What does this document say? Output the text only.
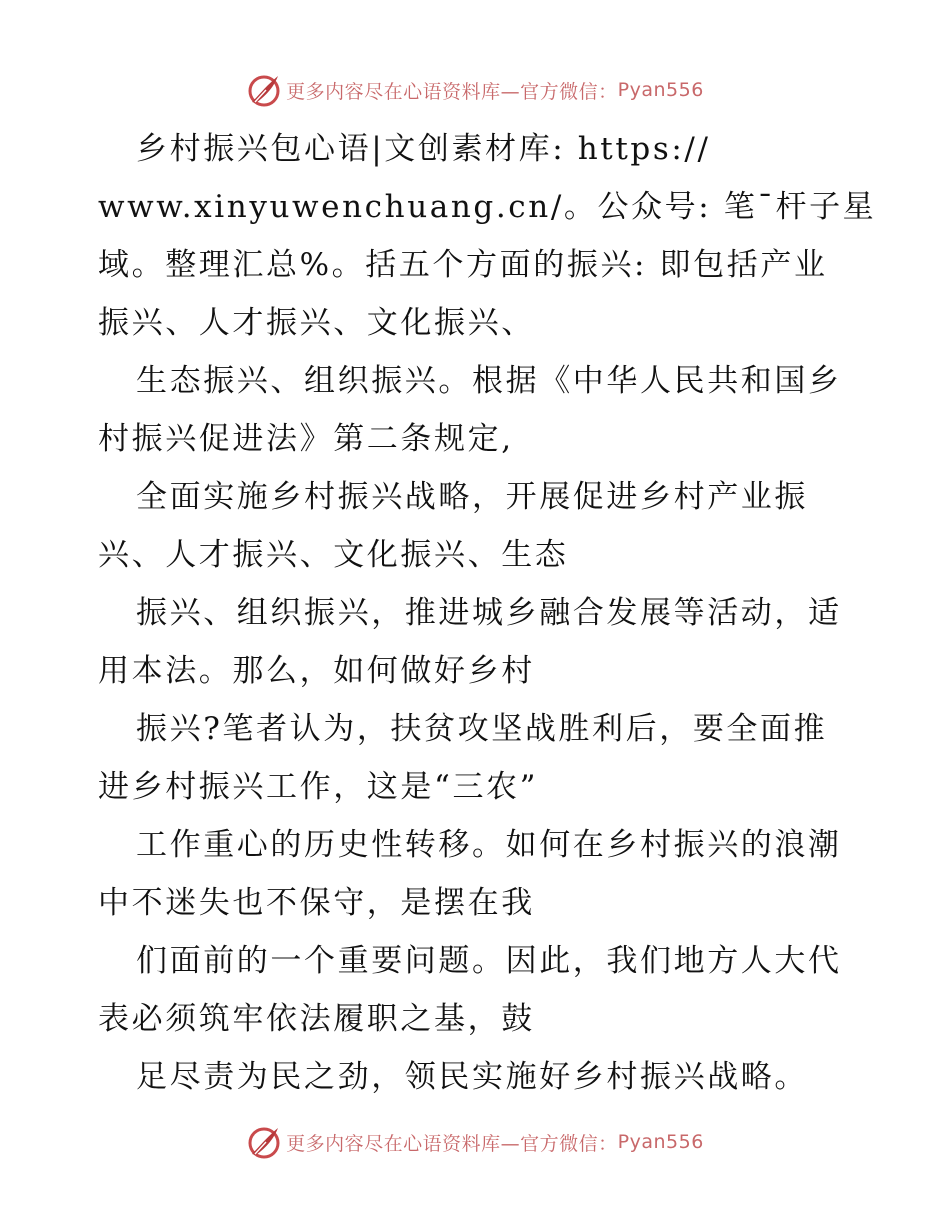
更多内容尽在心语资料库—官方微信： Pyan556
乡村振兴包心语|文创素材库: https://
www.xinyuwenchuang.cn/。公众号: 笔¯杆子星
域。整理汇总%。括五个方面的振兴: 即包括产业
振兴、人才振兴、文化振兴、
生态振兴、组织振兴。根据《中华人民共和国乡
村振兴促进法》第二条规定,
全面实施乡村振兴战略，开展促进乡村产业振
兴、人才振兴、文化振兴、生态
振兴、组织振兴，推进城乡融合发展等活动，适
用本法。那么，如何做好乡村
振兴?笔者认为，扶贫攻坚战胜利后，要全面推
进乡村振兴工作，这是“三农”
工作重心的历史性转移。如何在乡村振兴的浪潮
中不迷失也不保守，是摆在我
们面前的一个重要问题。因此，我们地方人大代
表必须筑牢依法履职之基，鼓
足尽责为民之劲，领民实施好乡村振兴战略。
更多内容尽在心语资料库—官方微信： Pyan556
